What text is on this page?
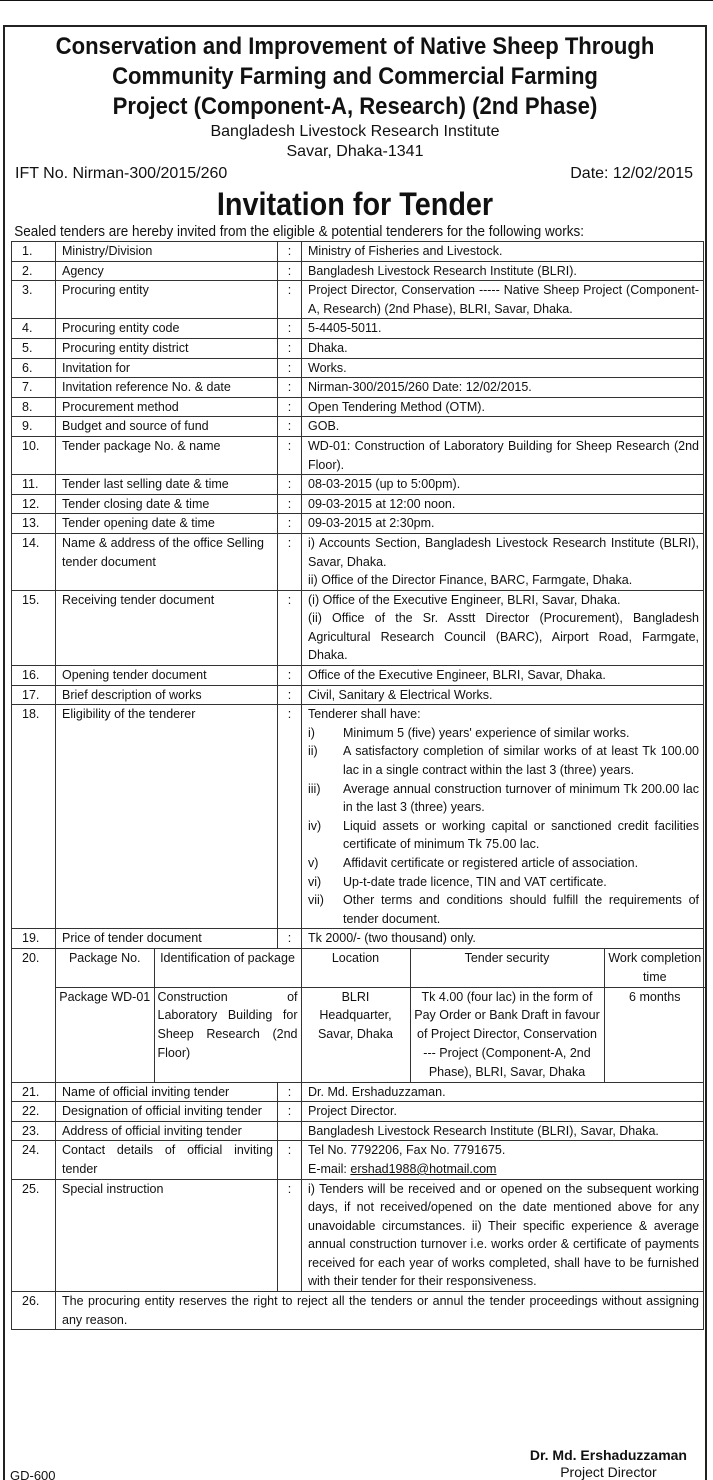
Conservation and Improvement of Native Sheep Through
Community Farming and Commercial Farming
Project (Component-A, Research) (2nd Phase)
Bangladesh Livestock Research Institute
Savar, Dhaka-1341
IFT No. Nirman-300/2015/260	Date: 12/02/2015
Invitation for Tender
Sealed tenders are hereby invited from the eligible & potential tenderers for the following works:
1.	Ministry/Division	:	Ministry of Fisheries and Livestock.
2.	Agency	:	Bangladesh Livestock Research Institute (BLRI).
3.	Procuring entity	:	Project Director, Conservation ----- Native Sheep Project (Component-A, Research) (2nd Phase), BLRI, Savar, Dhaka.
4.	Procuring entity code	:	5-4405-5011.
5.	Procuring entity district	:	Dhaka.
6.	Invitation for	:	Works.
7.	Invitation reference No. & date	:	Nirman-300/2015/260 Date: 12/02/2015.
8.	Procurement method	:	Open Tendering Method (OTM).
9.	Budget and source of fund	:	GOB.
10.	Tender package No. & name	:	WD-01: Construction of Laboratory Building for Sheep Research (2nd Floor).
11.	Tender last selling date & time	:	08-03-2015 (up to 5:00pm).
12.	Tender closing date & time	:	09-03-2015 at 12:00 noon.
13.	Tender opening date & time	:	09-03-2015 at 2:30pm.
14.	Name & address of the office Selling tender document	:	i) Accounts Section, Bangladesh Livestock Research Institute (BLRI), Savar, Dhaka.
ii) Office of the Director Finance, BARC, Farmgate, Dhaka.

15.	Receiving tender document	:	(i) Office of the Executive Engineer, BLRI, Savar, Dhaka.
(ii) Office of the Sr. Asstt Director (Procurement), Bangladesh Agricultural Research Council (BARC), Airport Road, Farmgate, Dhaka.

16.	Opening tender document	:	Office of the Executive Engineer, BLRI, Savar, Dhaka.
17.	Brief description of works	:	Civil, Sanitary & Electrical Works.
18.	Eligibility of the tenderer	:	Tenderer shall have:
i)	Minimum 5 (five) years' experience of similar works.
ii)	A satisfactory completion of similar works of at least Tk 100.00 lac in a single contract within the last 3 (three) years.
iii)	Average annual construction turnover of minimum Tk 200.00 lac in the last 3 (three) years.
iv)	Liquid assets or working capital or sanctioned credit facilities certificate of minimum Tk 75.00 lac.
v)	Affidavit certificate or registered article of association.
vi)	Up-t-date trade licence, TIN and VAT certificate.
vii)	Other terms and conditions should fulfill the requirements of tender document.

19.	Price of tender document	:	Tk 2000/- (two thousand) only.
20.	Package No.	Identification of package	Location	Tender security	Work completion time
Package WD-01	Construction of Laboratory Building for Sheep Research (2nd Floor)	BLRI Headquarter, Savar, Dhaka	Tk 4.00 (four lac) in the form of Pay Order or Bank Draft in favour of Project Director, Conservation --- Project (Component-A, 2nd Phase), BLRI, Savar, Dhaka	6 months

21.	Name of official inviting tender	:	Dr. Md. Ershaduzzaman.
22.	Designation of official inviting tender	:	Project Director.
23.	Address of official inviting tender		Bangladesh Livestock Research Institute (BLRI), Savar, Dhaka.
24.	Contact details of official inviting tender	:	Tel No. 7792206, Fax No. 7791675.
E-mail: ershad1988@hotmail.com

25.	Special instruction	:	i) Tenders will be received and or opened on the subsequent working days, if not received/opened on the date mentioned above for any unavoidable circumstances. ii) Their specific experience & average annual construction turnover i.e. works order & certificate of payments received for each year of works completed, shall have to be furnished with their tender for their responsiveness.
26.	The procuring entity reserves the right to reject all the tenders or annul the tender proceedings without assigning any reason.
Dr. Md. Ershaduzzaman
Project Director
GD-600
